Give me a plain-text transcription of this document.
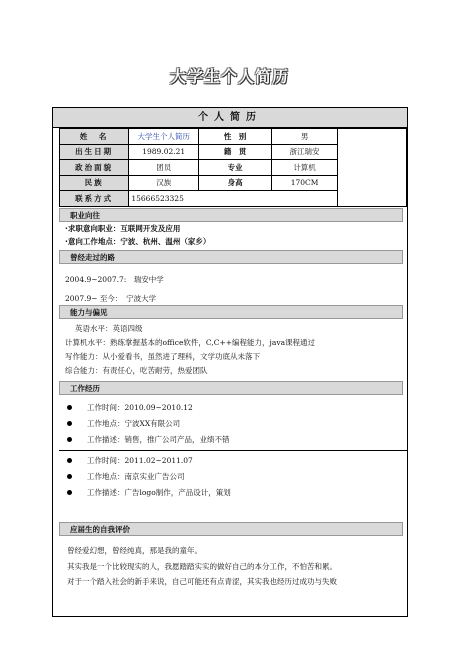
大学生个人简历
个人简历
姓　名	大学生个人简历	性　别	男	
出生日期	1989.02.21	籍　贯	浙江瑞安	
政治面貌	团员	专业	计算机	
民族	汉族	身高	170CM	
联系方式	15666523325			
职业向往
·求职意向职业：互联网开发及应用
·意向工作地点：宁波、杭州、温州（家乡）
曾经走过的路
2004.9~2007.7:　瑞安中学
2007.9~ 至今：　宁波大学
能力与偏见
英语水平：英语四级
计算机水平：熟练掌握基本的office软件，C,C++编程能力，java课程通过
写作能力：从小爱看书，虽然进了理科，文学功底从未落下
综合能力：有责任心，吃苦耐劳，热爱团队
工作经历
工作时间：2010.09~2010.12
工作地点：宁波XX有限公司
工作描述：销售，推广公司产品，业绩不错
工作时间：2011.02~2011.07
工作地点：南京实业广告公司
工作描述：广告logo制作，产品设计，策划
应届生的自我评价
曾经爱幻想，曾经纯真，那是我的童年。
其实我是一个比较现实的人，我愿踏踏实实的做好自己的本分工作，不怕苦和累。
对于一个踏入社会的新手来说，自己可能还有点青涩，其实我也经历过成功与失败
